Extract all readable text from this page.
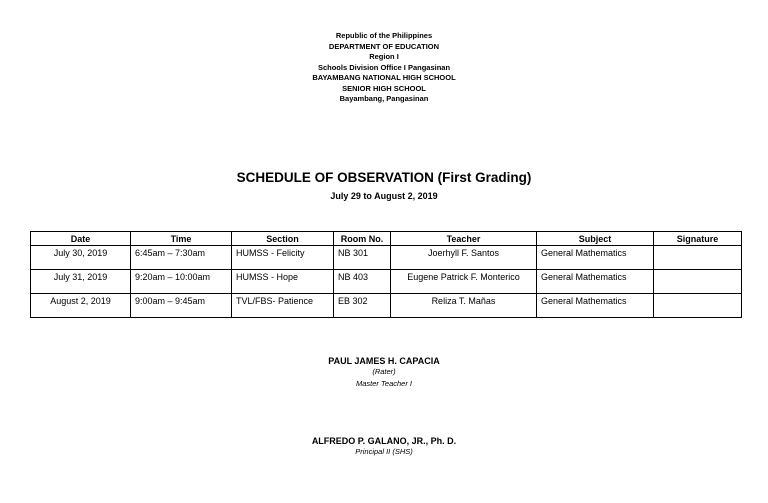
Republic of the Philippines
DEPARTMENT OF EDUCATION
Region I
Schools Division Office I Pangasinan
BAYAMBANG NATIONAL HIGH SCHOOL
SENIOR HIGH SCHOOL
Bayambang, Pangasinan
SCHEDULE OF OBSERVATION (First Grading)
July 29 to August 2, 2019
Date	Time	Section	Room No.	Teacher	Subject	Signature
July 30, 2019	6:45am – 7:30am	HUMSS - Felicity	NB 301	Joerhyll F. Santos	General Mathematics	
July 31, 2019	9:20am – 10:00am	HUMSS - Hope	NB 403	Eugene Patrick F. Monterico	General Mathematics	
August 2, 2019	9:00am – 9:45am	TVL/FBS- Patience	EB 302	Reliza T. Mañas	General Mathematics	
PAUL JAMES H. CAPACIA
(Rater)
Master Teacher I
ALFREDO P. GALANO, JR., Ph. D.
Principal II (SHS)
